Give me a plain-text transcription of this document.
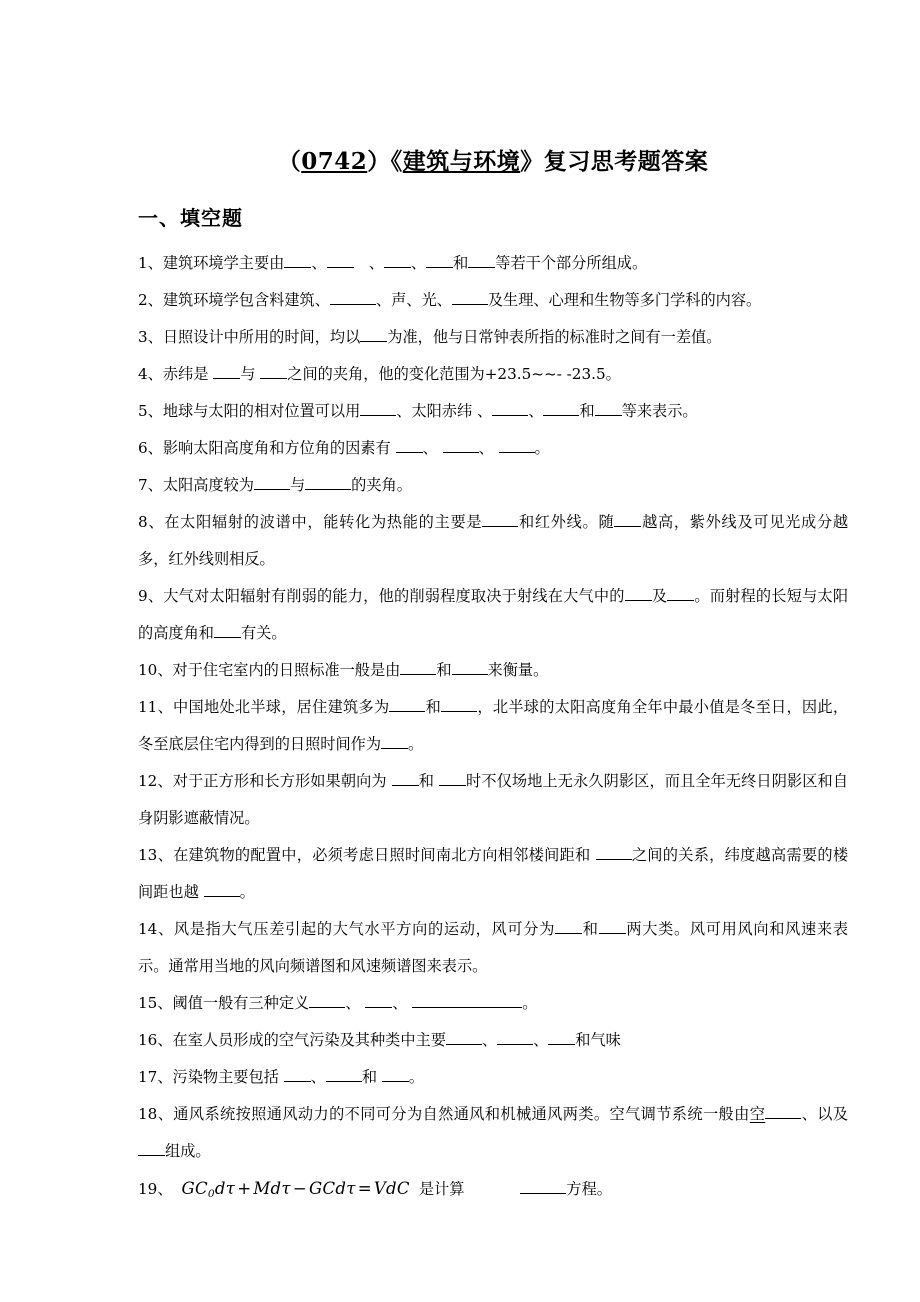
（0742）《建筑与环境》复习思考题答案
一、填空题
1、建筑环境学主要由 、　、 、 和 等若干个部分所组成。
2、建筑环境学包含料建筑、	、声、光、 及生理、心理和生物等多门学科的内容。
3、日照设计中所用的时间，均以 为准，他与日常钟表所指的标准时之间有一差值。
4、赤纬是 与 之间的夹角，他的变化范围为+23.5~~- -23.5。
5、地球与太阳的相对位置可以用 、太阳赤纬 、 、 和 等来表示。
6、影响太阳高度角和方位角的因素有 、 、 。
7、太阳高度较为 与	的夹角。
8、在太阳辐射的波谱中，能转化为热能的主要是 和红外线。随 越高，紫外线及可见光成分越多，红外线则相反。
9、大气对太阳辐射有削弱的能力，他的削弱程度取决于射线在大气中的 及 。而射程的长短与太阳的高度角和 有关。
10、对于住宅室内的日照标准一般是由 和 来衡量。
11、中国地处北半球，居住建筑多为 和 ，北半球的太阳高度角全年中最小值是冬至日，因此，冬至底层住宅内得到的日照时间作为 。
12、对于正方形和长方形如果朝向为 和 时不仅场地上无永久阴影区，而且全年无终日阴影区和自身阴影遮蔽情况。
13、在建筑物的配置中，必须考虑日照时间南北方向相邻楼间距和 之间的关系，纬度越高需要的楼间距也越 。
14、风是指大气压差引起的大气水平方向的运动，风可分为 和 两大类。风可用风向和风速来表示。通常用当地的风向频谱图和风速频谱图来表示。
15、阈值一般有三种定义 、 、	。
16、在室人员形成的空气污染及其种类中主要 、 、 和气味
17、污染物主要包括 、 和 。
18、通风系统按照通风动力的不同可分为自然通风和机械通风两类。空气调节系统一般由空 、以及组成。
19、 $GC_0d\tau + Md\tau - GCd\tau$ = VdC 是计算	方程。
